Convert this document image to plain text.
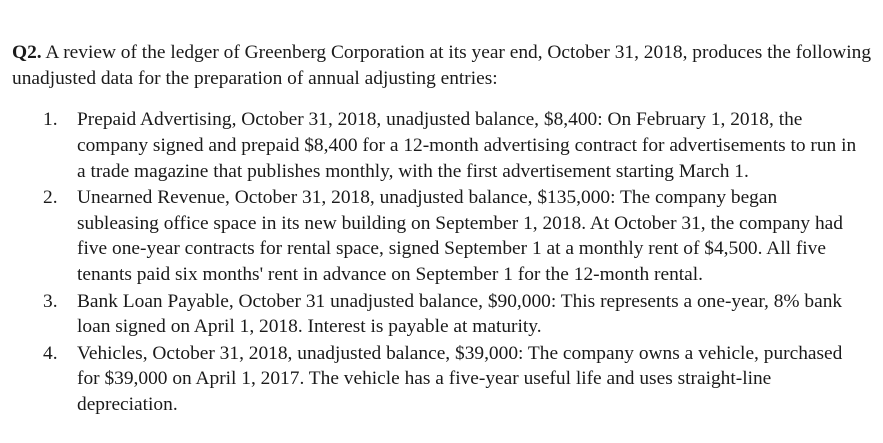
Q2. A review of the ledger of Greenberg Corporation at its year end, October 31, 2018, produces the following unadjusted data for the preparation of annual adjusting entries:

1. Prepaid Advertising, October 31, 2018, unadjusted balance, $8,400: On February 1, 2018, the company signed and prepaid $8,400 for a 12-month advertising contract for advertisements to run in a trade magazine that publishes monthly, with the first advertisement starting March 1.
2. Unearned Revenue, October 31, 2018, unadjusted balance, $135,000: The company began subleasing office space in its new building on September 1, 2018. At October 31, the company had five one-year contracts for rental space, signed September 1 at a monthly rent of $4,500. All five tenants paid six months' rent in advance on September 1 for the 12-month rental.
3. Bank Loan Payable, October 31 unadjusted balance, $90,000: This represents a one-year, 8% bank loan signed on April 1, 2018. Interest is payable at maturity.
4. Vehicles, October 31, 2018, unadjusted balance, $39,000: The company owns a vehicle, purchased for $39,000 on April 1, 2017. The vehicle has a five-year useful life and uses straight-line depreciation.
